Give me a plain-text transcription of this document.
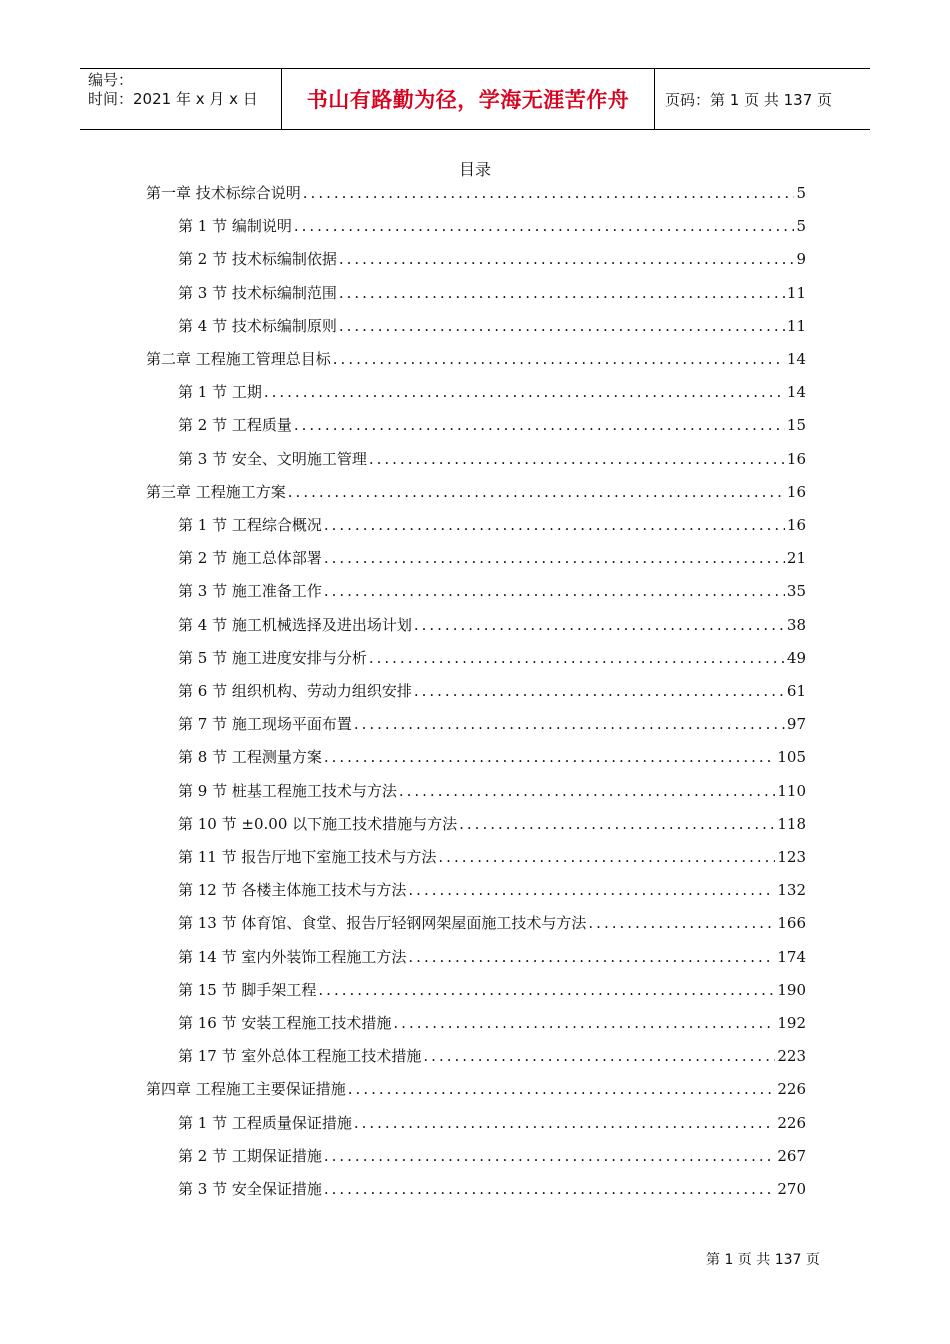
编号：
时间：2021 年 x 月 x 日	书山有路勤为径，学海无涯苦作舟	页码：第 1 页 共 137 页
目录
第一章 技术标综合说明 .....	5
第 1 节 编制说明 .....	5
第 2 节 技术标编制依据 .....	9
第 3 节 技术标编制范围 .....	11
第 4 节 技术标编制原则 .....	11
第二章 工程施工管理总目标 .....	14
第 1 节 工期 .....	14
第 2 节 工程质量 .....	15
第 3 节 安全、文明施工管理 .....	16
第三章 工程施工方案 .....	16
第 1 节 工程综合概况 .....	16
第 2 节 施工总体部署 .....	21
第 3 节 施工准备工作 .....	35
第 4 节 施工机械选择及进出场计划 .....	38
第 5 节 施工进度安排与分析 .....	49
第 6 节 组织机构、劳动力组织安排 .....	61
第 7 节 施工现场平面布置 .....	97
第 8 节 工程测量方案 .....	105
第 9 节 桩基工程施工技术与方法 .....	110
第 10 节 ±0.00 以下施工技术措施与方法 .....	118
第 11 节 报告厅地下室施工技术与方法 .....	123
第 12 节 各楼主体施工技术与方法 .....	132
第 13 节 体育馆、食堂、报告厅轻钢网架屋面施工技术与方法 .....	166
第 14 节 室内外装饰工程施工方法 .....	174
第 15 节 脚手架工程 .....	190
第 16 节 安装工程施工技术措施 .....	192
第 17 节 室外总体工程施工技术措施 .....	223
第四章 工程施工主要保证措施 .....	226
第 1 节 工程质量保证措施 .....	226
第 2 节 工期保证措施 .....	267
第 3 节 安全保证措施 .....	270
第 1 页 共 137 页
